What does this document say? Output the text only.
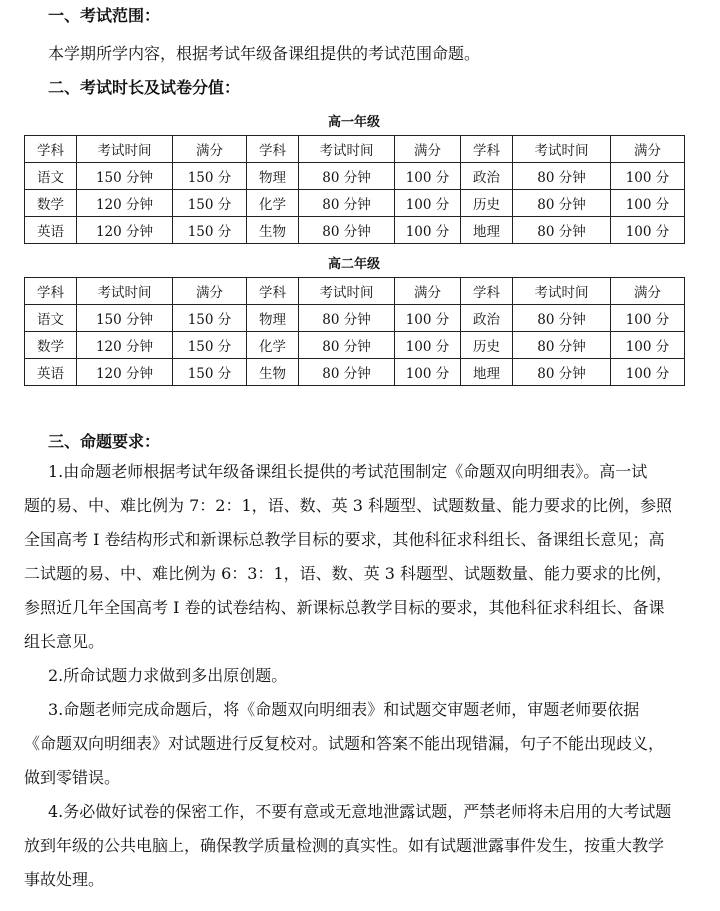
一、考试范围：
本学期所学内容，根据考试年级备课组提供的考试范围命题。
二、考试时长及试卷分值：
高一年级
学科	考试时间	满分	学科	考试时间	满分	学科	考试时间	满分
语文	150 分钟	150 分	物理	80 分钟	100 分	政治	80 分钟	100 分
数学	120 分钟	150 分	化学	80 分钟	100 分	历史	80 分钟	100 分
英语	120 分钟	150 分	生物	80 分钟	100 分	地理	80 分钟	100 分
高二年级
学科	考试时间	满分	学科	考试时间	满分	学科	考试时间	满分
语文	150 分钟	150 分	物理	80 分钟	100 分	政治	80 分钟	100 分
数学	120 分钟	150 分	化学	80 分钟	100 分	历史	80 分钟	100 分
英语	120 分钟	150 分	生物	80 分钟	100 分	地理	80 分钟	100 分
三、命题要求：
1.由命题老师根据考试年级备课组长提供的考试范围制定《命题双向明细表》。高一试
题的易、中、难比例为 7：2：1，语、数、英 3 科题型、试题数量、能力要求的比例，参照
全国高考 I 卷结构形式和新课标总教学目标的要求，其他科征求科组长、备课组长意见；高
二试题的易、中、难比例为 6：3：1，语、数、英 3 科题型、试题数量、能力要求的比例，
参照近几年全国高考 I 卷的试卷结构、新课标总教学目标的要求，其他科征求科组长、备课
组长意见。
2.所命试题力求做到多出原创题。
3.命题老师完成命题后，将《命题双向明细表》和试题交审题老师，审题老师要依据
《命题双向明细表》对试题进行反复校对。试题和答案不能出现错漏，句子不能出现歧义，
做到零错误。
4.务必做好试卷的保密工作，不要有意或无意地泄露试题，严禁老师将未启用的大考试题
放到年级的公共电脑上，确保教学质量检测的真实性。如有试题泄露事件发生，按重大教学
事故处理。
